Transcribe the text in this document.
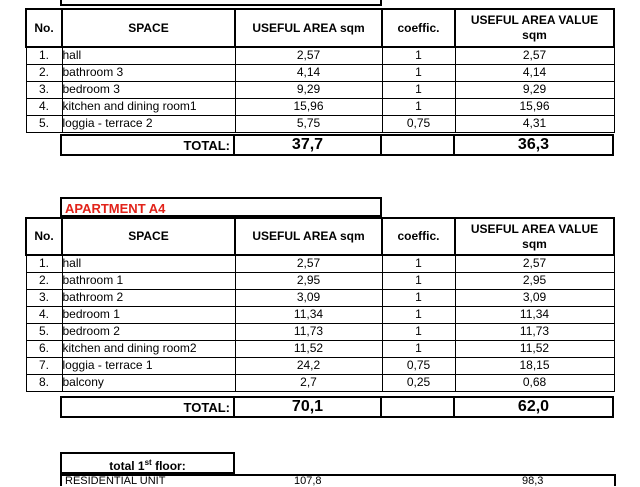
No.	SPACE	USEFUL AREA sqm	coeffic.	USEFUL AREA VALUE
sqm

1.	hall	2,57	1	2,57
2.	bathroom 3	4,14	1	4,14
3.	bedroom 3	9,29	1	9,29
4.	kitchen and dining room1	15,96	1	15,96
5.	loggia - terrace 2	5,75	0,75	4,31
TOTAL:	37,7		36,3
APARTMENT A4
No.	SPACE	USEFUL AREA sqm	coeffic.	USEFUL AREA VALUE
sqm

1.	hall	2,57	1	2,57
2.	bathroom 1	2,95	1	2,95
3.	bathroom 2	3,09	1	3,09
4.	bedroom 1	11,34	1	11,34
5.	bedroom 2	11,73	1	11,73
6.	kitchen and dining room2	11,52	1	11,52
7.	loggia - terrace 1	24,2	0,75	18,15
8.	balcony	2,7	0,25	0,68
TOTAL:	70,1		62,0
total 1st floor:
RESIDENTIAL UNIT	107,8	98,3
